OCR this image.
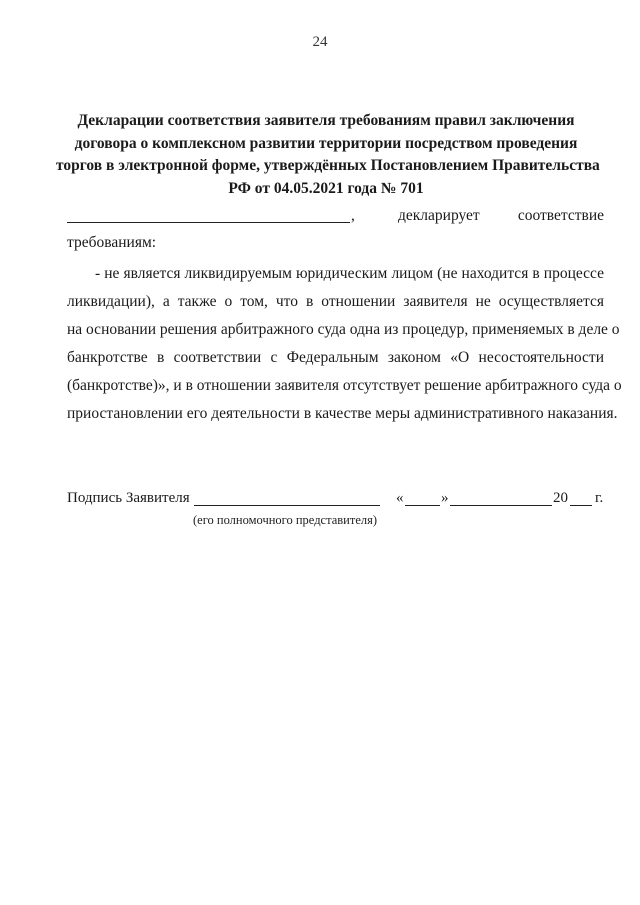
24
Декларации соответствия заявителя требованиям правил заключения
договора о комплексном развитии территории посредством проведения
торгов в электронной форме, утверждённых Постановлением Правительства
РФ от 04.05.2021 года № 701
,	декларирует соответствие
требованиям:
- не является ликвидируемым юридическим лицом (не находится в процессе
ликвидации), а также о том, что в отношении заявителя не осуществляется
на основании решения арбитражного суда одна из процедур, применяемых в деле о
банкротстве в соответствии с Федеральным законом «О несостоятельности
(банкротстве)», и в отношении заявителя отсутствует решение арбитражного суда о
приостановлении его деятельности в качестве меры административного наказания.
Подпись Заявителя	«	»	20 г.
(его полномочного представителя)
